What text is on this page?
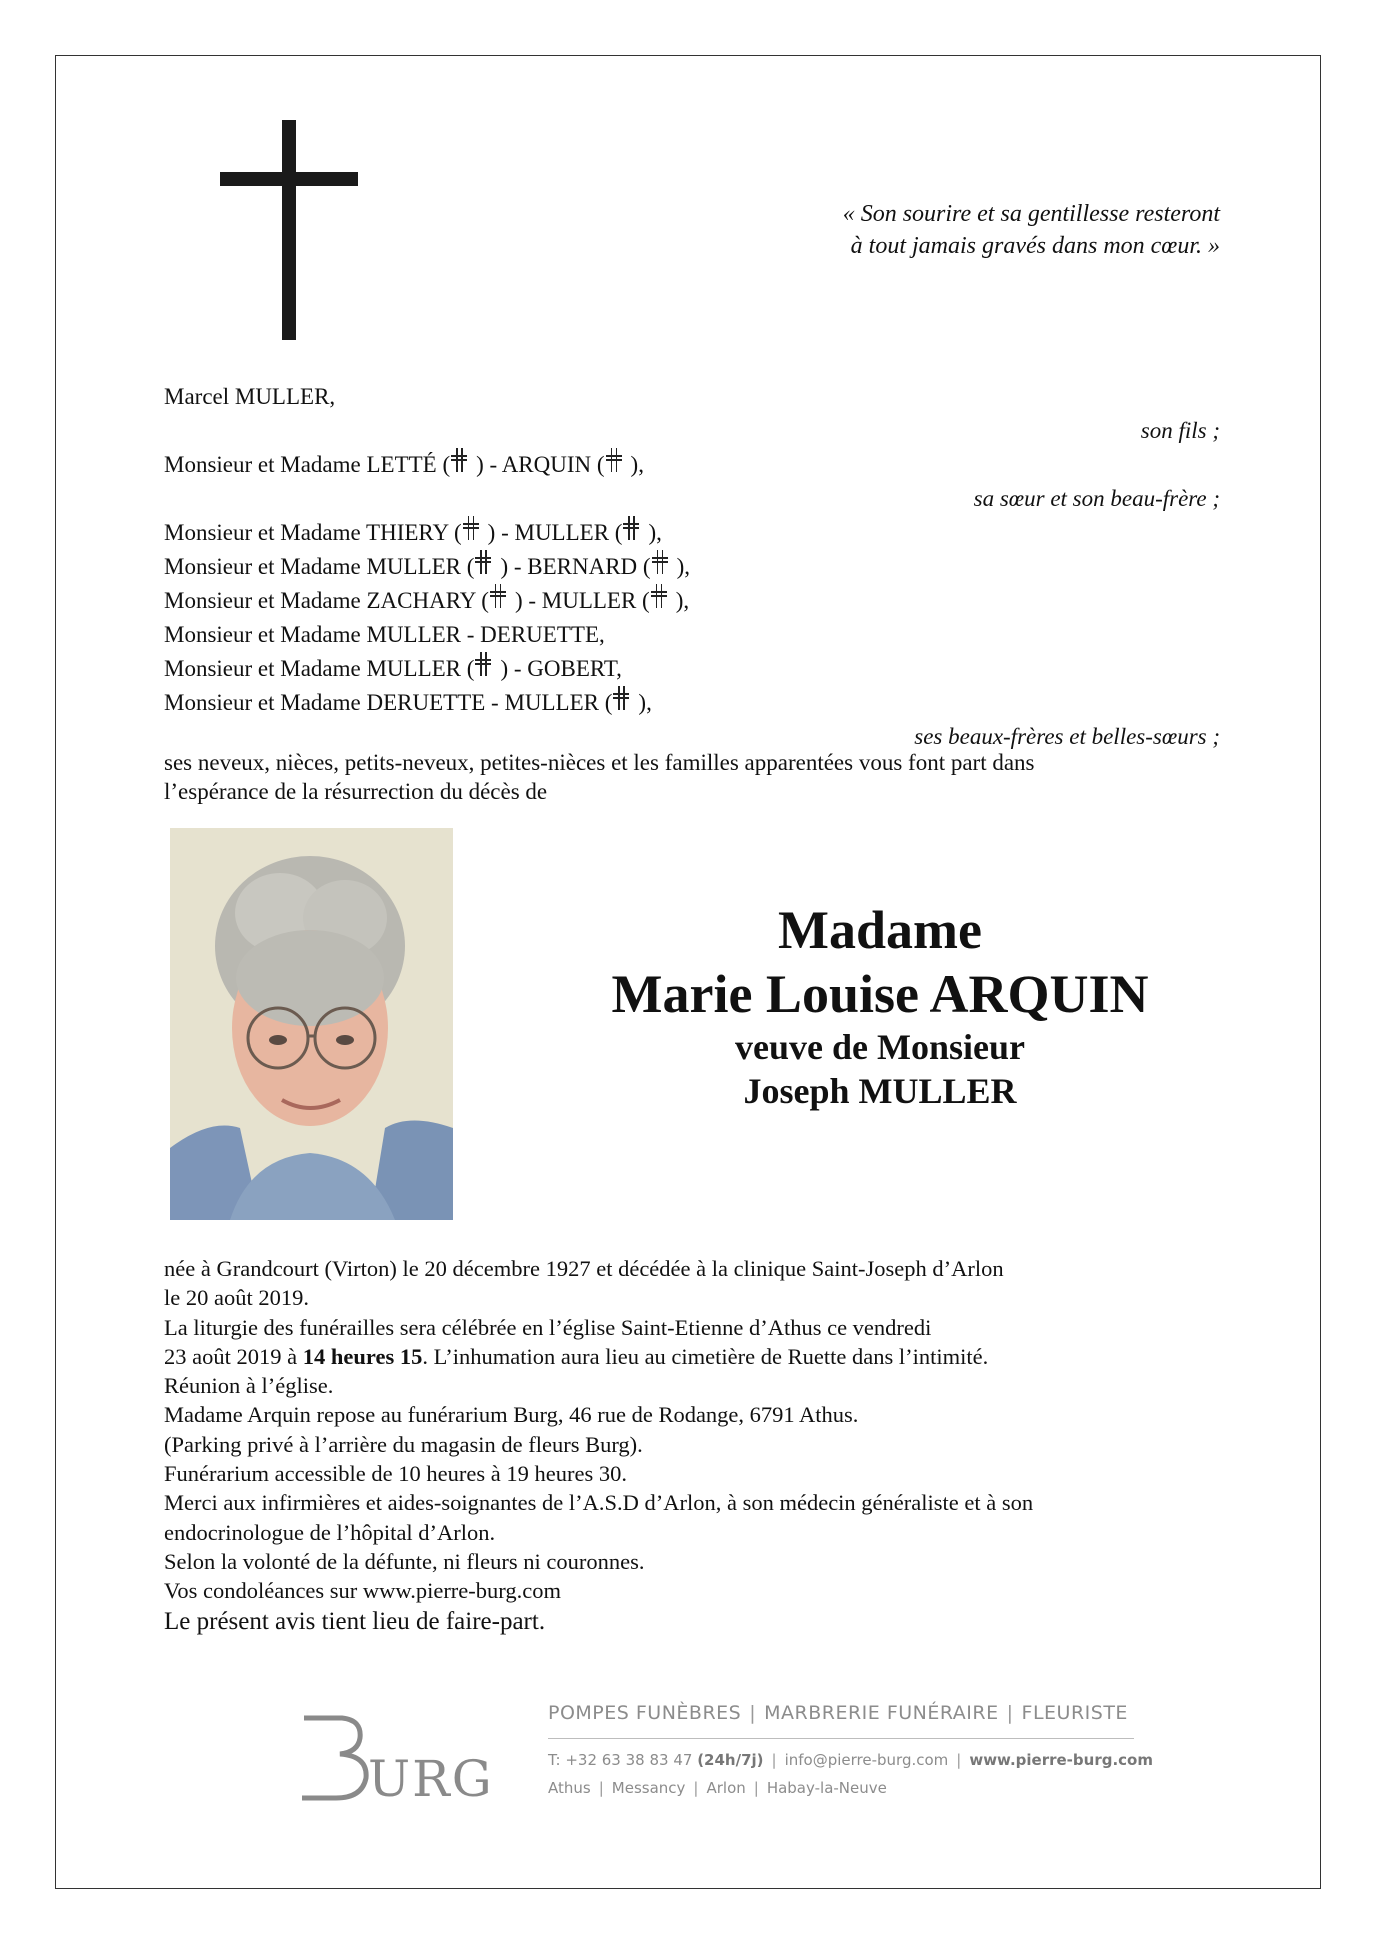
« Son sourire et sa gentillesse resteront
à tout jamais gravés dans mon cœur. »
Marcel MULLER,
son fils ;
Monsieur et Madame LETTÉ ( ) - ARQUIN ( ),
sa sœur et son beau-frère ;
Monsieur et Madame THIERY ( ) - MULLER ( ),
Monsieur et Madame MULLER ( ) - BERNARD ( ),
Monsieur et Madame ZACHARY ( ) - MULLER ( ),
Monsieur et Madame MULLER - DERUETTE,
Monsieur et Madame MULLER ( ) - GOBERT,
Monsieur et Madame DERUETTE - MULLER ( ),
ses beaux-frères et belles-sœurs ;
ses neveux, nièces, petits-neveux, petites-nièces et les familles apparentées vous font part dans
l’espérance de la résurrection du décès de
Madame
Marie Louise ARQUIN
veuve de Monsieur
Joseph MULLER
née à Grandcourt (Virton) le 20 décembre 1927 et décédée à la clinique Saint-Joseph d’Arlon
le 20 août 2019.
La liturgie des funérailles sera célébrée en l’église Saint-Etienne d’Athus ce vendredi
23 août 2019 à 14 heures 15. L’inhumation aura lieu au cimetière de Ruette dans l’intimité.
Réunion à l’église.
Madame Arquin repose au funérarium Burg, 46 rue de Rodange, 6791 Athus.
(Parking privé à l’arrière du magasin de fleurs Burg).
Funérarium accessible de 10 heures à 19 heures 30.
Merci aux infirmières et aides-soignantes de l’A.S.D d’Arlon, à son médecin généraliste et à son
endocrinologue de l’hôpital d’Arlon.
Selon la volonté de la défunte, ni fleurs ni couronnes.
Vos condoléances sur www.pierre-burg.com
Le présent avis tient lieu de faire-part.
URG
POMPES FUNÈBRES | MARBRERIE FUNÉRAIRE | FLEURISTE
T: +32 63 38 83 47 (24h/7j) | info@pierre-burg.com | www.pierre-burg.com
Athus | Messancy | Arlon | Habay-la-Neuve
